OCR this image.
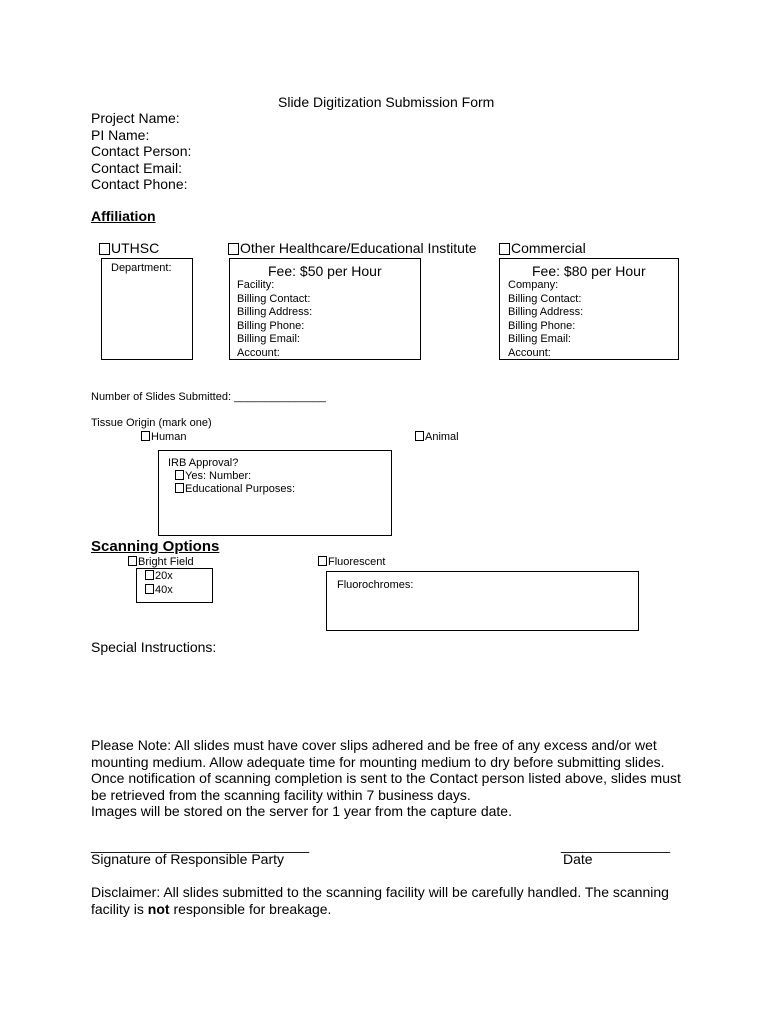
Slide Digitization Submission Form
Project Name:
PI Name:
Contact Person:
Contact Email:
Contact Phone:
Affiliation
UTHSC
Department:
Other Healthcare/Educational Institute
Fee: $50 per Hour
Facility:
Billing Contact:
Billing Address:
Billing Phone:
Billing Email:
Account:
Commercial
Fee: $80 per Hour
Company:
Billing Contact:
Billing Address:
Billing Phone:
Billing Email:
Account:
Number of Slides Submitted: _______________
Tissue Origin (mark one)
Human	Animal
IRB Approval?
Yes: Number:
Educational Purposes:
Scanning Options
Bright Field
20x
40x
Fluorescent
Fluorochromes:
Special Instructions:
Please Note: All slides must have cover slips adhered and be free of any excess and/or wet
mounting medium. Allow adequate time for mounting medium to dry before submitting slides.
Once notification of scanning completion is sent to the Contact person listed above, slides must
be retrieved from the scanning facility within 7 business days.
Images will be stored on the server for 1 year from the capture date.
____________________________
Signature of Responsible Party
______________
Date
Disclaimer: All slides submitted to the scanning facility will be carefully handled. The scanning facility is not responsible for breakage.
